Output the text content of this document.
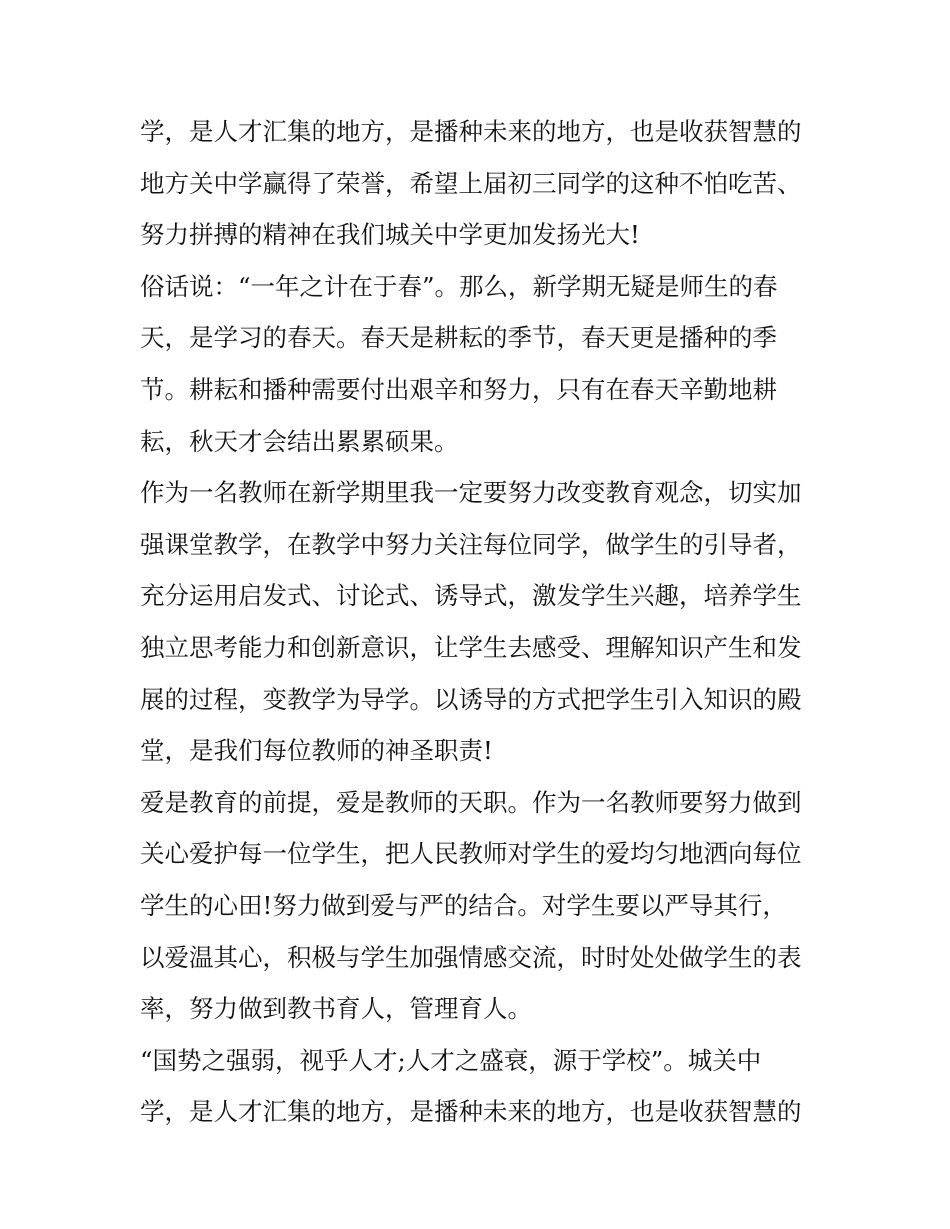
学，是人才汇集的地方，是播种未来的地方，也是收获智慧的
地方关中学赢得了荣誉，希望上届初三同学的这种不怕吃苦、
努力拼搏的精神在我们城关中学更加发扬光大!
俗话说：“一年之计在于春”。那么，新学期无疑是师生的春
天，是学习的春天。春天是耕耘的季节，春天更是播种的季
节。耕耘和播种需要付出艰辛和努力，只有在春天辛勤地耕
耘，秋天才会结出累累硕果。
作为一名教师在新学期里我一定要努力改变教育观念，切实加
强课堂教学，在教学中努力关注每位同学，做学生的引导者，
充分运用启发式、讨论式、诱导式，激发学生兴趣，培养学生
独立思考能力和创新意识，让学生去感受、理解知识产生和发
展的过程，变教学为导学。以诱导的方式把学生引入知识的殿
堂，是我们每位教师的神圣职责!
爱是教育的前提，爱是教师的天职。作为一名教师要努力做到
关心爱护每一位学生，把人民教师对学生的爱均匀地洒向每位
学生的心田!努力做到爱与严的结合。对学生要以严导其行，
以爱温其心，积极与学生加强情感交流，时时处处做学生的表
率，努力做到教书育人，管理育人。
“国势之强弱，视乎人才;人才之盛衰，源于学校”。城关中
学，是人才汇集的地方，是播种未来的地方，也是收获智慧的
